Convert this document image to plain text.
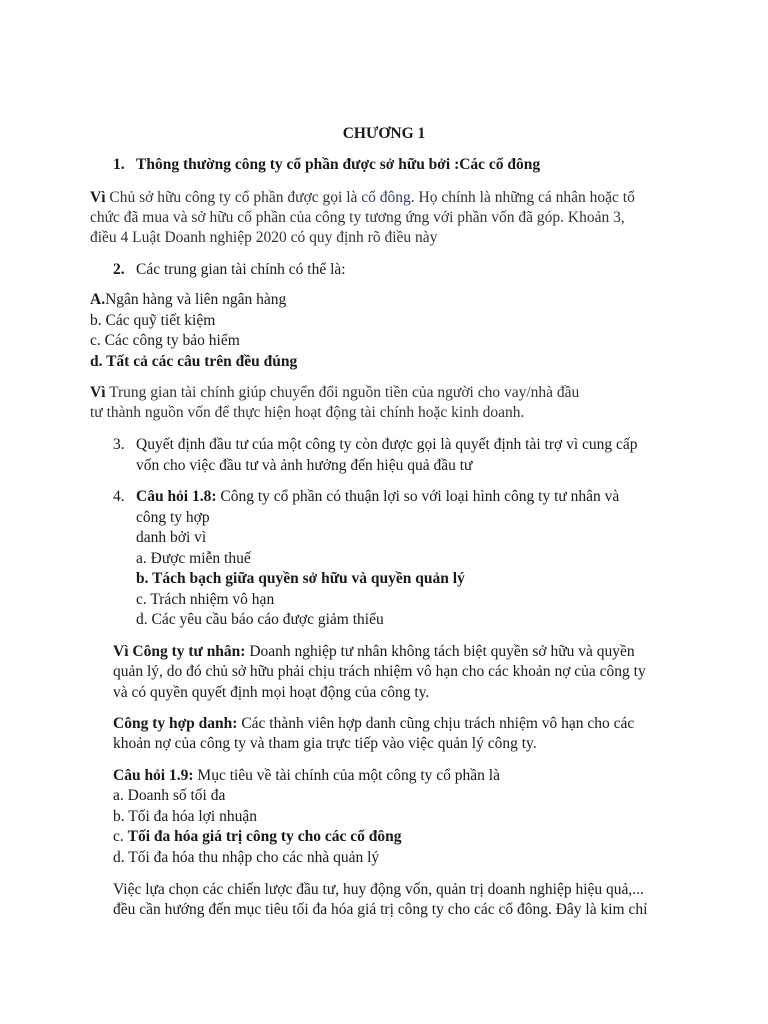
CHƯƠNG 1
1. Thông thường công ty cổ phần được sở hữu bởi :Các cổ đông
Vì Chủ sở hữu công ty cổ phần được gọi là cổ đông. Họ chính là những cá nhân hoặc tổ
chức đã mua và sở hữu cổ phần của công ty tương ứng với phần vốn đã góp. Khoản 3,
điều 4 Luật Doanh nghiệp 2020 có quy định rõ điều này
2. Các trung gian tài chính có thể là:
A.Ngân hàng và liên ngân hàng
b. Các quỹ tiết kiệm
c. Các công ty bảo hiểm
d. Tất cả các câu trên đều đúng
Vì Trung gian tài chính giúp chuyển đổi nguồn tiền của người cho vay/nhà đầu
tư thành nguồn vốn để thực hiện hoạt động tài chính hoặc kinh doanh.
3. Quyết định đầu tư cúa một công ty còn được gọi là quyết định tài trợ vì cung cấp
vốn cho việc đầu tư và ảnh hưởng đến hiệu quả đầu tư
4. Câu hỏi 1.8: Công ty cổ phần có thuận lợi so với loại hình công ty tư nhân và
công ty hợp
danh bởi vì
a. Được miễn thuế
b. Tách bạch giữa quyền sở hữu và quyền quản lý
c. Trách nhiệm vô hạn
d. Các yêu cầu báo cáo được giảm thiểu
Vì Công ty tư nhân: Doanh nghiệp tư nhân không tách biệt quyền sở hữu và quyền
quản lý, do đó chủ sở hữu phải chịu trách nhiệm vô hạn cho các khoản nợ của công ty
và có quyền quyết định mọi hoạt động của công ty.
Công ty hợp danh: Các thành viên hợp danh cũng chịu trách nhiệm vô hạn cho các
khoản nợ của công ty và tham gia trực tiếp vào việc quản lý công ty.
Câu hỏi 1.9: Mục tiêu về tài chính của một công ty cổ phần là
a. Doanh số tối đa
b. Tối đa hóa lợi nhuận
c. Tối đa hóa giá trị công ty cho các cổ đông
d. Tối đa hóa thu nhập cho các nhà quản lý
Việc lựa chọn các chiến lược đầu tư, huy động vốn, quản trị doanh nghiệp hiệu quả,...
đều cần hướng đến mục tiêu tối đa hóa giá trị công ty cho các cổ đông. Đây là kim chỉ
